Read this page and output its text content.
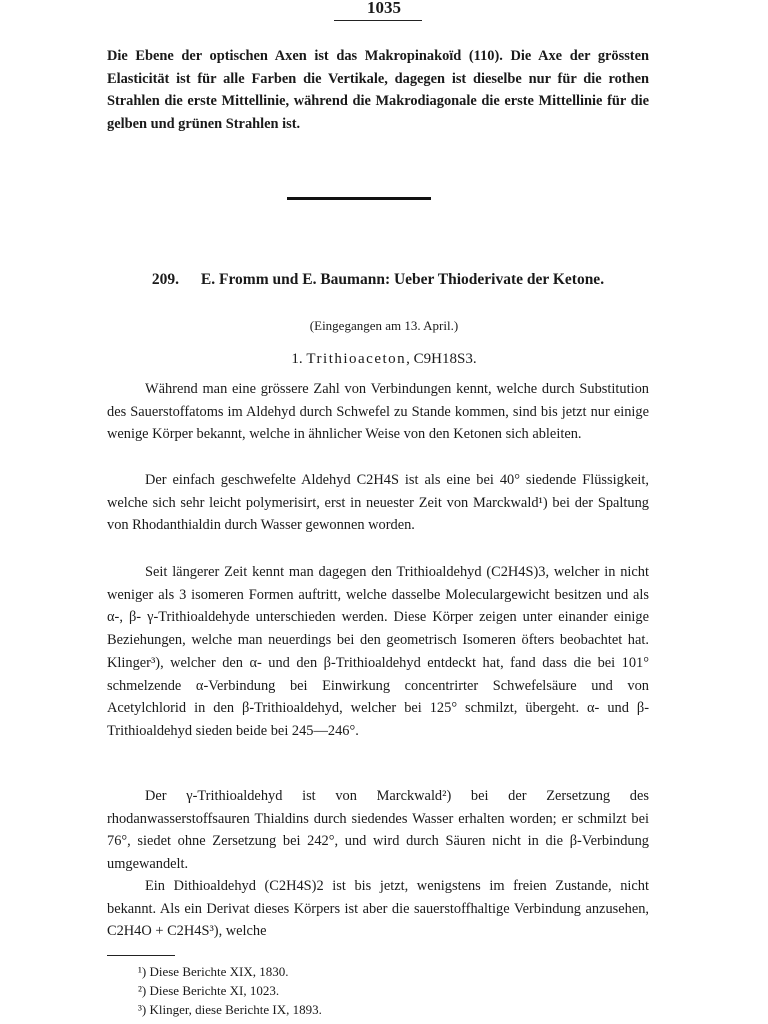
1035

Die Ebene der optischen Axen ist das Makropinakoïd (110). Die Axe der grössten Elasticität ist für alle Farben die Vertikale, dagegen ist dieselbe nur für die rothen Strahlen die erste Mittellinie, während die Makrodiagonale die erste Mittellinie für die gelben und grünen Strahlen ist.

209. E. Fromm und E. Baumann: Ueber Thioderivate der Ketone.
(Eingegangen am 13. April.)
1. Trithioaceton, C9H18S3.

Während man eine grössere Zahl von Verbindungen kennt, welche durch Substitution des Sauerstoffatoms im Aldehyd durch Schwefel zu Stande kommen, sind bis jetzt nur einige wenige Körper bekannt, welche in ähnlicher Weise von den Ketonen sich ableiten.

Der einfach geschwefelte Aldehyd C2H4S ist als eine bei 40° siedende Flüssigkeit, welche sich sehr leicht polymerisirt, erst in neuester Zeit von Marckwald¹) bei der Spaltung von Rhodanthialdin durch Wasser gewonnen worden.

Seit längerer Zeit kennt man dagegen den Trithioaldehyd (C2H4S)3, welcher in nicht weniger als 3 isomeren Formen auftritt, welche dasselbe Moleculargewicht besitzen und als α-, β- γ-Trithioaldehyde unterschieden werden. Diese Körper zeigen unter einander einige Beziehungen, welche man neuerdings bei den geometrisch Isomeren öfters beobachtet hat. Klinger³), welcher den α- und den β-Trithioaldehyd entdeckt hat, fand dass die bei 101° schmelzende α-Verbindung bei Einwirkung concentrirter Schwefelsäure und von Acetylchlorid in den β-Trithioaldehyd, welcher bei 125° schmilzt, übergeht. α- und β-Trithioaldehyd sieden beide bei 245—246°.

Der γ-Trithioaldehyd ist von Marckwald²) bei der Zersetzung des rhodanwasserstoffsauren Thialdins durch siedendes Wasser erhalten worden; er schmilzt bei 76°, siedet ohne Zersetzung bei 242°, und wird durch Säuren nicht in die β-Verbindung umgewandelt.

Ein Dithioaldehyd (C2H4S)2 ist bis jetzt, wenigstens im freien Zustande, nicht bekannt. Als ein Derivat dieses Körpers ist aber die sauerstoffhaltige Verbindung anzusehen, C2H4O + C2H4S³), welche

¹) Diese Berichte XIX, 1830.
²) Diese Berichte XI, 1023.
³) Klinger, diese Berichte IX, 1893.
